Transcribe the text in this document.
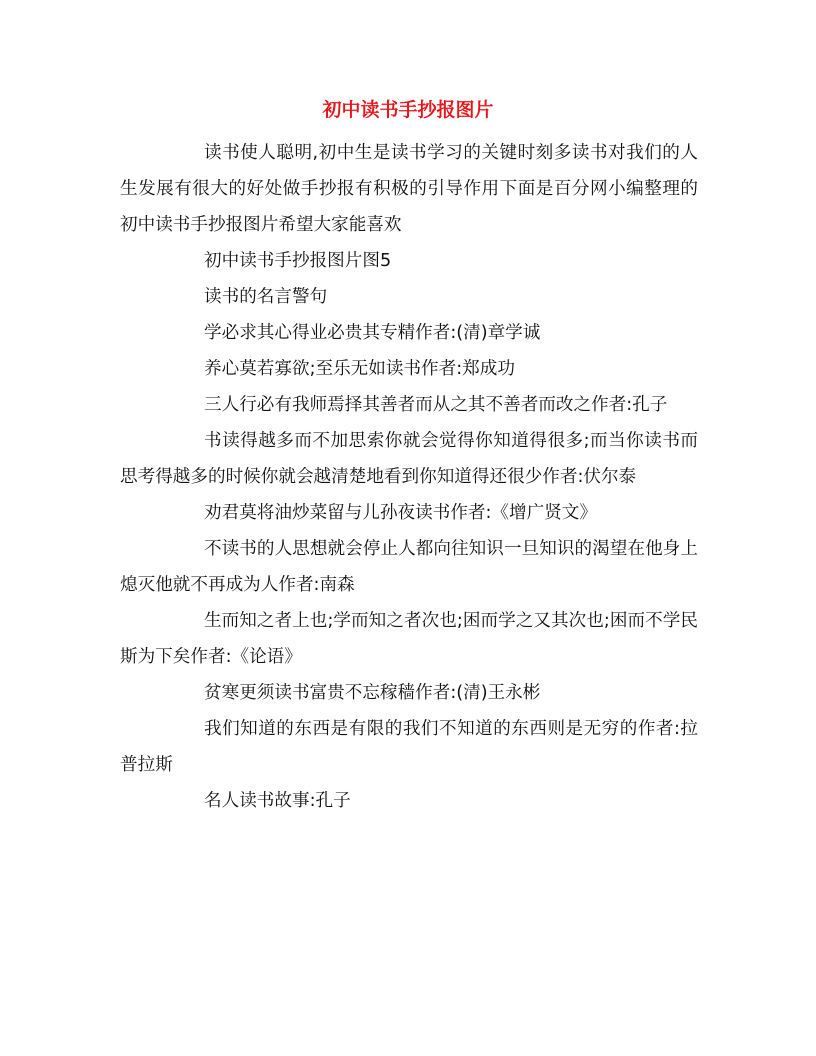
初中读书手抄报图片

读书使人聪明,初中生是读书学习的关键时刻多读书对我们的人生发展有很大的好处做手抄报有积极的引导作用下面是百分网小编整理的初中读书手抄报图片希望大家能喜欢

初中读书手抄报图片图5

读书的名言警句

学必求其心得业必贵其专精作者:(清)章学诚

养心莫若寡欲;至乐无如读书作者:郑成功

三人行必有我师焉择其善者而从之其不善者而改之作者:孔子

书读得越多而不加思索你就会觉得你知道得很多;而当你读书而思考得越多的时候你就会越清楚地看到你知道得还很少作者:伏尔泰

劝君莫将油炒菜留与儿孙夜读书作者:《增广贤文》

不读书的人思想就会停止人都向往知识一旦知识的渴望在他身上熄灭他就不再成为人作者:南森

生而知之者上也;学而知之者次也;困而学之又其次也;困而不学民斯为下矣作者:《论语》

贫寒更须读书富贵不忘稼穑作者:(清)王永彬

我们知道的东西是有限的我们不知道的东西则是无穷的作者:拉普拉斯

名人读书故事:孔子
